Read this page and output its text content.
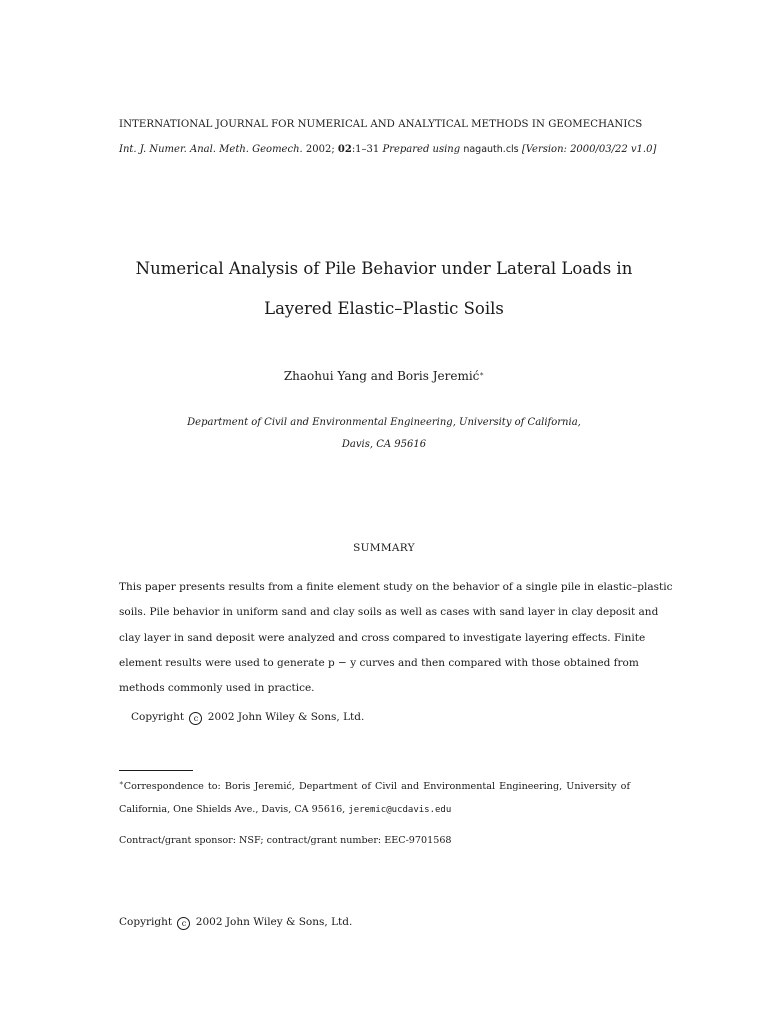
INTERNATIONAL JOURNAL FOR NUMERICAL AND ANALYTICAL METHODS IN GEOMECHANICS

Int. J. Numer. Anal. Meth. Geomech. 2002; 02:1–31 Prepared using nagauth.cls [Version: 2000/03/22 v1.0]

Numerical Analysis of Pile Behavior under Lateral Loads in

Layered Elastic–Plastic Soils

Zhaohui Yang and Boris Jeremić∗

Department of Civil and Environmental Engineering, University of California,

Davis, CA 95616

SUMMARY

This paper presents results from a finite element study on the behavior of a single pile in elastic–plastic
soils. Pile behavior in uniform sand and clay soils as well as cases with sand layer in clay deposit and
clay layer in sand deposit were analyzed and cross compared to investigate layering effects. Finite
element results were used to generate p − y curves and then compared with those obtained from
methods commonly used in practice.

Copyright c 2002 John Wiley & Sons, Ltd.

∗Correspondence to: Boris Jeremić, Department of Civil and Environmental Engineering, University of
California, One Shields Ave., Davis, CA 95616, jeremic@ucdavis.edu

Contract/grant sponsor: NSF; contract/grant number: EEC-9701568

Copyright c 2002 John Wiley & Sons, Ltd.
